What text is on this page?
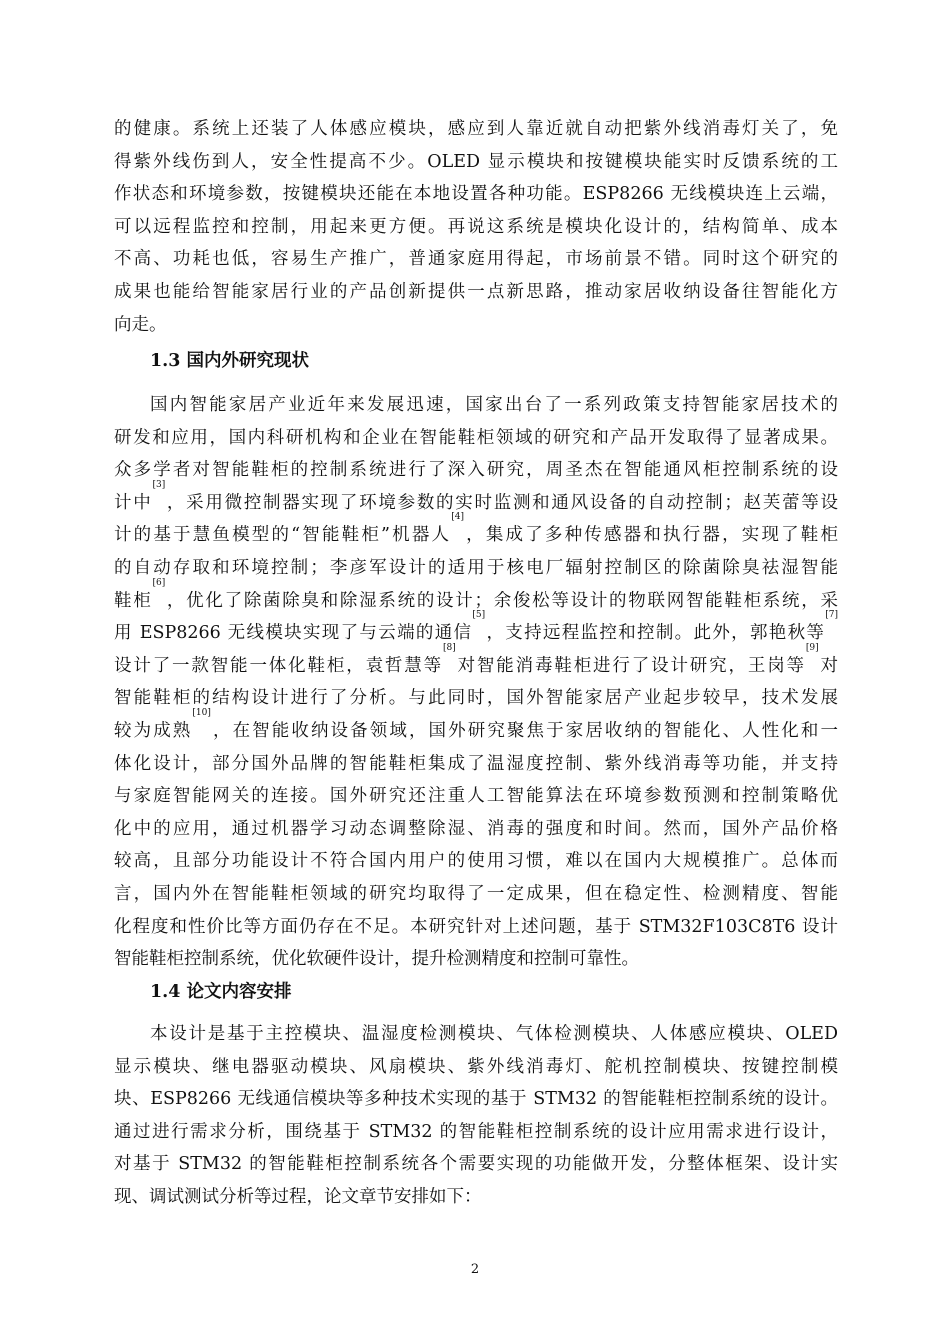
的健康。系统上还装了人体感应模块，感应到人靠近就自动把紫外线消毒灯关了，免
得紫外线伤到人，安全性提高不少。OLED 显示模块和按键模块能实时反馈系统的工
作状态和环境参数，按键模块还能在本地设置各种功能。ESP8266 无线模块连上云端，
可以远程监控和控制，用起来更方便。再说这系统是模块化设计的，结构简单、成本
不高、功耗也低，容易生产推广，普通家庭用得起，市场前景不错。同时这个研究的
成果也能给智能家居行业的产品创新提供一点新思路，推动家居收纳设备往智能化方
向走。
1.3 国内外研究现状
国内智能家居产业近年来发展迅速，国家出台了一系列政策支持智能家居技术的
研发和应用，国内科研机构和企业在智能鞋柜领域的研究和产品开发取得了显著成果。
众多学者对智能鞋柜的控制系统进行了深入研究，周圣杰在智能通风柜控制系统的设
计中[3]，采用微控制器实现了环境参数的实时监测和通风设备的自动控制；赵芙蕾等设
计的基于慧鱼模型的“智能鞋柜”机器人[4]，集成了多种传感器和执行器，实现了鞋柜
的自动存取和环境控制；李彦军设计的适用于核电厂辐射控制区的除菌除臭祛湿智能
鞋柜[6]，优化了除菌除臭和除湿系统的设计；余俊松等设计的物联网智能鞋柜系统，采
用 ESP8266 无线模块实现了与云端的通信[5]，支持远程监控和控制。此外，郭艳秋等[7]
设计了一款智能一体化鞋柜，袁哲慧等[8]对智能消毒鞋柜进行了设计研究，王岗等[9]对
智能鞋柜的结构设计进行了分析。与此同时，国外智能家居产业起步较早，技术发展
较为成熟[10]，在智能收纳设备领域，国外研究聚焦于家居收纳的智能化、人性化和一
体化设计，部分国外品牌的智能鞋柜集成了温湿度控制、紫外线消毒等功能，并支持
与家庭智能网关的连接。国外研究还注重人工智能算法在环境参数预测和控制策略优
化中的应用，通过机器学习动态调整除湿、消毒的强度和时间。然而，国外产品价格
较高，且部分功能设计不符合国内用户的使用习惯，难以在国内大规模推广。总体而
言，国内外在智能鞋柜领域的研究均取得了一定成果，但在稳定性、检测精度、智能
化程度和性价比等方面仍存在不足。本研究针对上述问题，基于 STM32F103C8T6 设计
智能鞋柜控制系统，优化软硬件设计，提升检测精度和控制可靠性。
1.4 论文内容安排
本设计是基于主控模块、温湿度检测模块、气体检测模块、人体感应模块、OLED
显示模块、继电器驱动模块、风扇模块、紫外线消毒灯、舵机控制模块、按键控制模
块、ESP8266 无线通信模块等多种技术实现的基于 STM32 的智能鞋柜控制系统的设计。
通过进行需求分析，围绕基于 STM32 的智能鞋柜控制系统的设计应用需求进行设计，
对基于 STM32 的智能鞋柜控制系统各个需要实现的功能做开发，分整体框架、设计实
现、调试测试分析等过程，论文章节安排如下：
2
